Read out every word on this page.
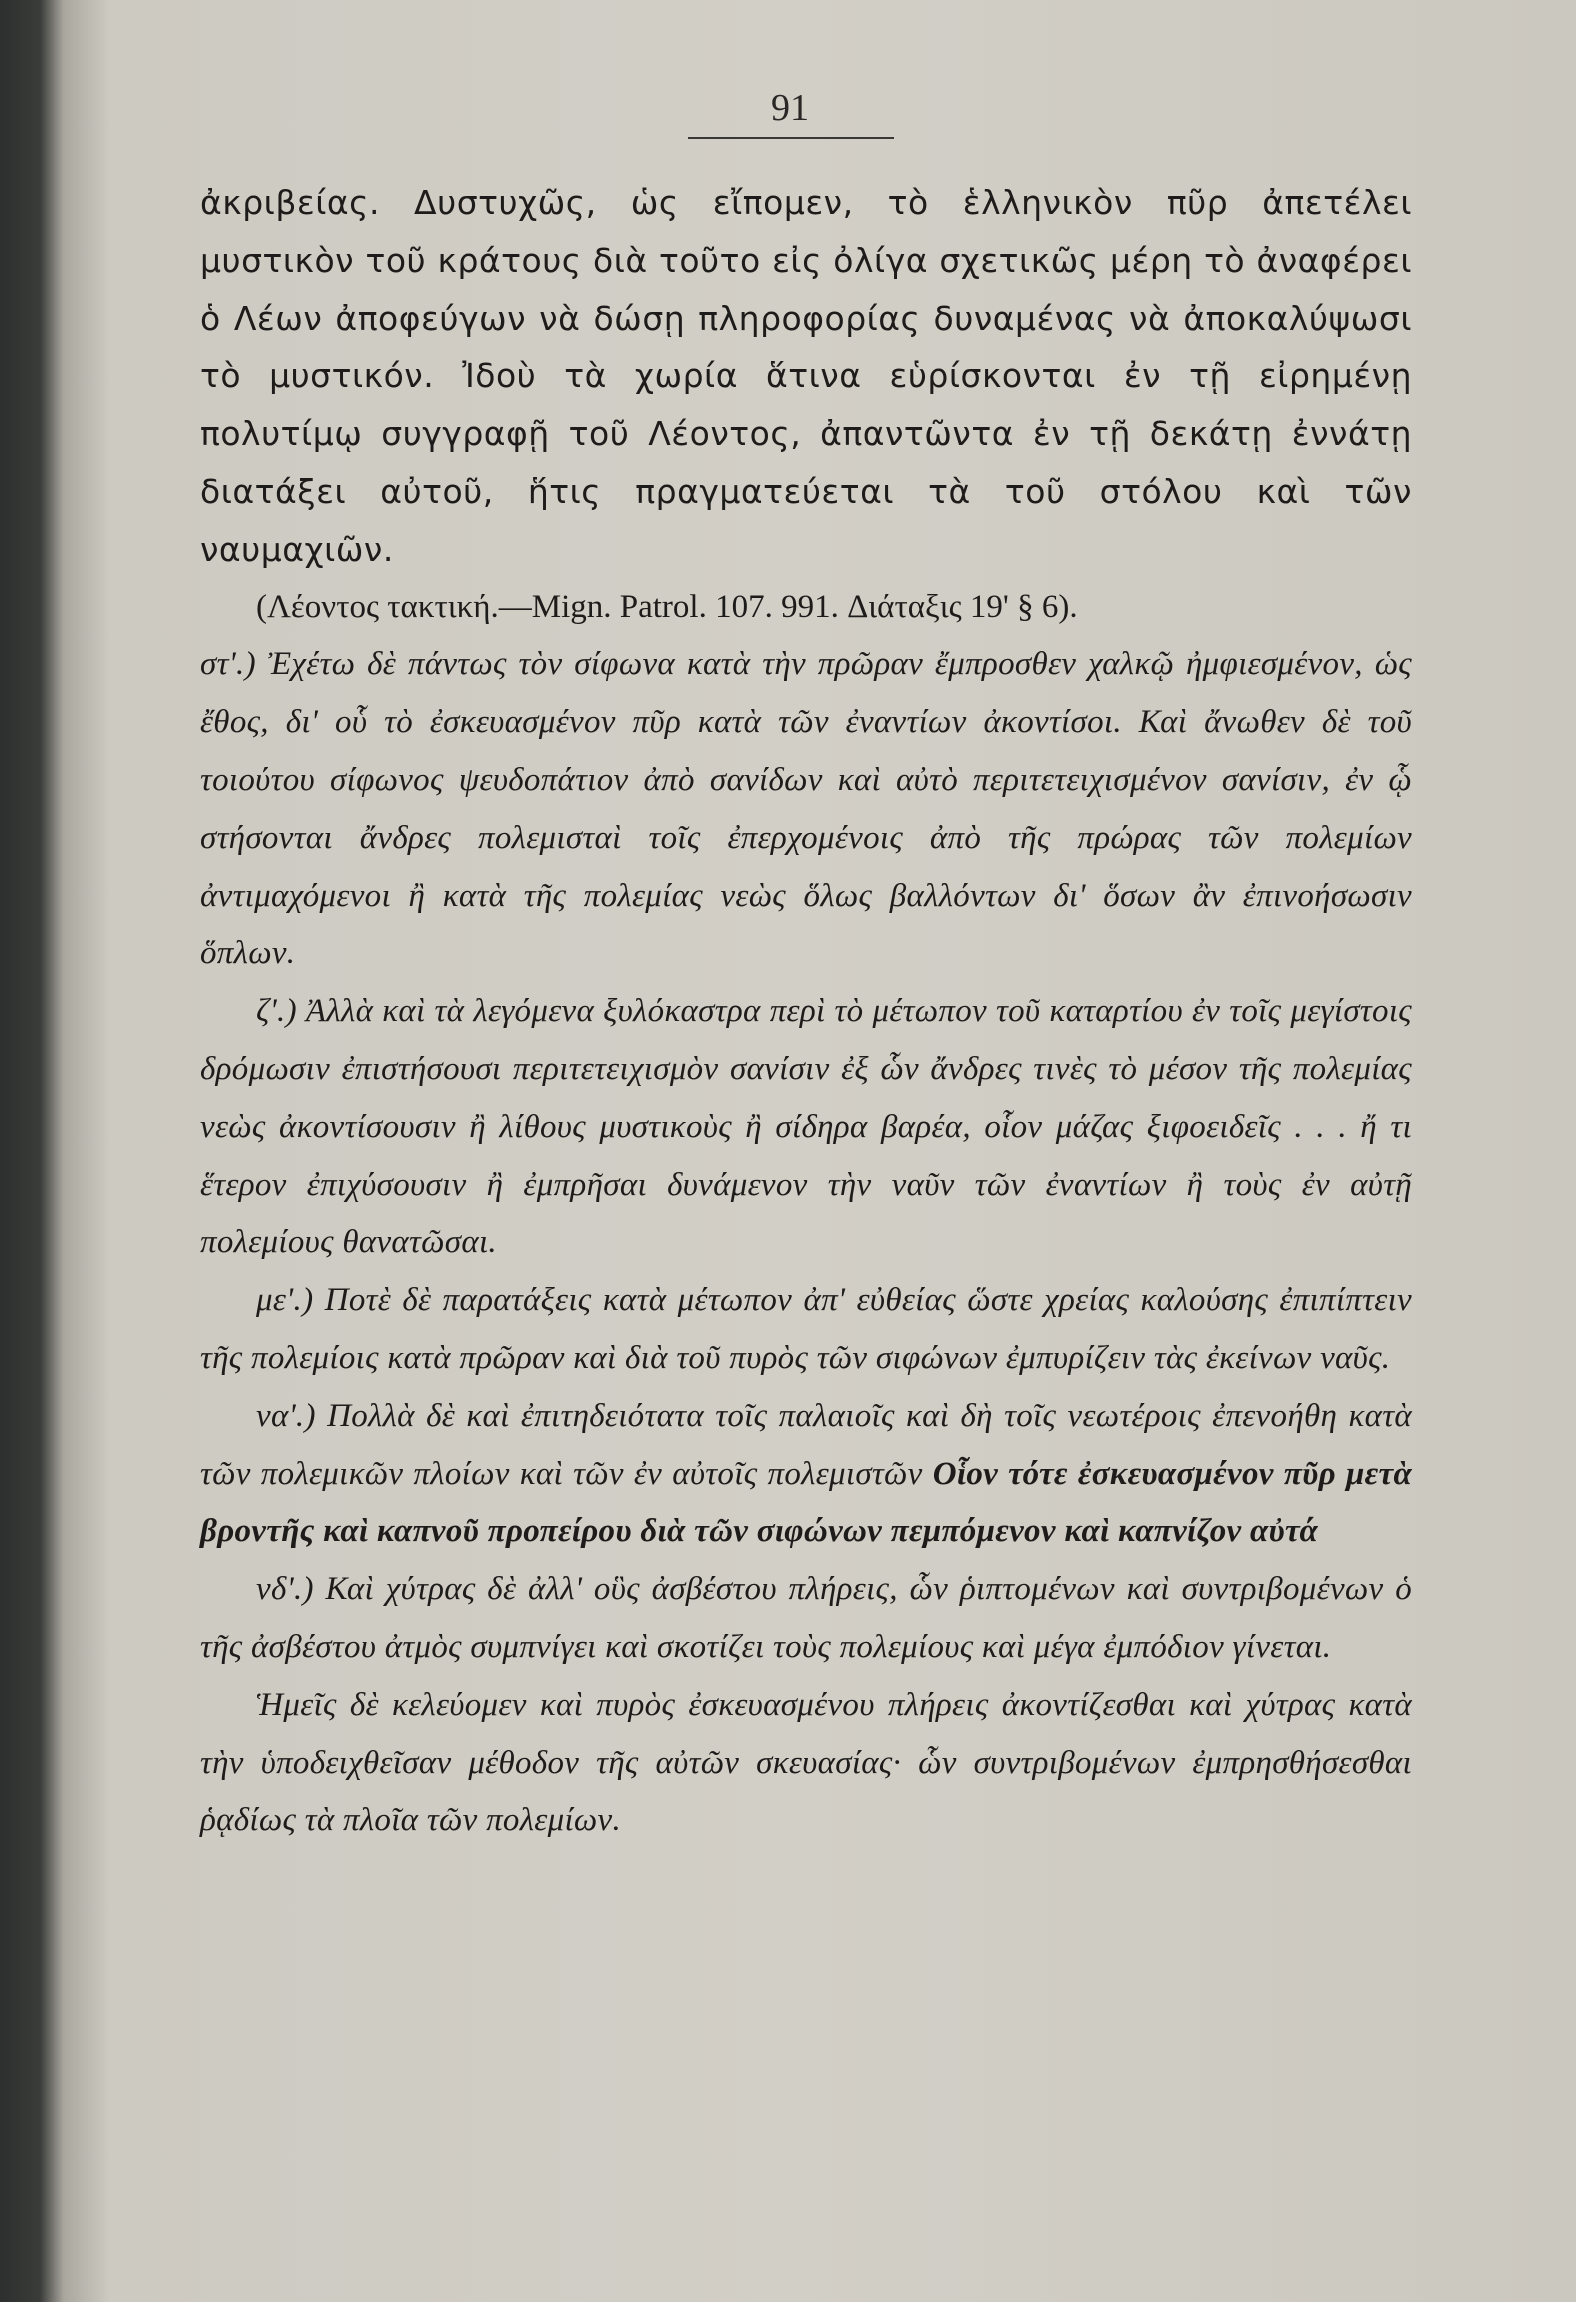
91

ἀκριβείας. Δυστυχῶς, ὡς εἴπομεν, τὸ ἑλληνικὸν πῦρ ἀπετέλει μυστικὸν τοῦ κράτους διὰ τοῦτο εἰς ὀλίγα σχετικῶς μέρη τὸ ἀναφέρει ὁ Λέων ἀποφεύγων νὰ δώσῃ πληροφορίας δυναμένας νὰ ἀποκαλύψωσι τὸ μυστικόν. Ἰδοὺ τὰ χωρία ἅτινα εὑρίσκονται ἐν τῇ εἰρημένῃ πολυτίμῳ συγγραφῇ τοῦ Λέοντος, ἀπαντῶντα ἐν τῇ δεκάτῃ ἐννάτῃ διατάξει αὐτοῦ, ἥτις πραγματεύεται τὰ τοῦ στόλου καὶ τῶν ναυμαχιῶν.

(Λέοντος τακτική.—Mign. Patrol. 107. 991. Διάταξις 19' § 6).

στ'.) Ἐχέτω δὲ πάντως τὸν σίφωνα κατὰ τὴν πρῶραν ἔμπροσθεν χαλκῷ ἠμφιεσμένον, ὡς ἔθος, δι' οὗ τὸ ἐσκευασμένον πῦρ κατὰ τῶν ἐναντίων ἀκοντίσοι. Καὶ ἄνωθεν δὲ τοῦ τοιούτου σίφωνος ψευδοπάτιον ἀπὸ σανίδων καὶ αὐτὸ περιτετειχισμένον σανίσιν, ἐν ᾧ στήσονται ἄνδρες πολεμισταὶ τοῖς ἐπερχομένοις ἀπὸ τῆς πρώρας τῶν πολεμίων ἀντιμαχόμενοι ἢ κατὰ τῆς πολεμίας νεὼς ὅλως βαλλόντων δι' ὅσων ἂν ἐπινοήσωσιν ὅπλων.

ζ'.) Ἀλλὰ καὶ τὰ λεγόμενα ξυλόκαστρα περὶ τὸ μέτωπον τοῦ καταρτίου ἐν τοῖς μεγίστοις δρόμωσιν ἐπιστήσουσι περιτετειχισμὸν σανίσιν ἐξ ὧν ἄνδρες τινὲς τὸ μέσον τῆς πολεμίας νεὼς ἀκοντίσουσιν ἢ λίθους μυστικοὺς ἢ σίδηρα βαρέα, οἷον μάζας ξιφοειδεῖς . . . ἤ τι ἕτερον ἐπιχύσουσιν ἢ ἐμπρῆσαι δυνάμενον τὴν ναῦν τῶν ἐναντίων ἢ τοὺς ἐν αὐτῇ πολεμίους θανατῶσαι.

με'.) Ποτὲ δὲ παρατάξεις κατὰ μέτωπον ἀπ' εὐθείας ὥστε χρείας καλούσης ἐπιπίπτειν τῆς πολεμίοις κατὰ πρῶραν καὶ διὰ τοῦ πυρὸς τῶν σιφώνων ἐμπυρίζειν τὰς ἐκείνων ναῦς.

να'.) Πολλὰ δὲ καὶ ἐπιτηδειότατα τοῖς παλαιοῖς καὶ δὴ τοῖς νεωτέροις ἐπενοήθη κατὰ τῶν πολεμικῶν πλοίων καὶ τῶν ἐν αὐτοῖς πολεμιστῶν Οἷον τότε ἐσκευασμένον πῦρ μετὰ βροντῆς καὶ καπνοῦ προπείρου διὰ τῶν σιφώνων πεμπόμενον καὶ καπνίζον αὐτά

νδ'.) Καὶ χύτρας δὲ ἀλλ' οὓς ἀσβέστου πλήρεις, ὧν ῥιπτομένων καὶ συντριβομένων ὁ τῆς ἀσβέστου ἀτμὸς συμπνίγει καὶ σκοτίζει τοὺς πολεμίους καὶ μέγα ἐμπόδιον γίνεται.

Ἡμεῖς δὲ κελεύομεν καὶ πυρὸς ἐσκευασμένου πλήρεις ἀκοντίζεσθαι καὶ χύτρας κατὰ τὴν ὑποδειχθεῖσαν μέθοδον τῆς αὐτῶν σκευασίας· ὧν συντριβομένων ἐμπρησθήσεσθαι ῥᾳδίως τὰ πλοῖα τῶν πολεμίων.
